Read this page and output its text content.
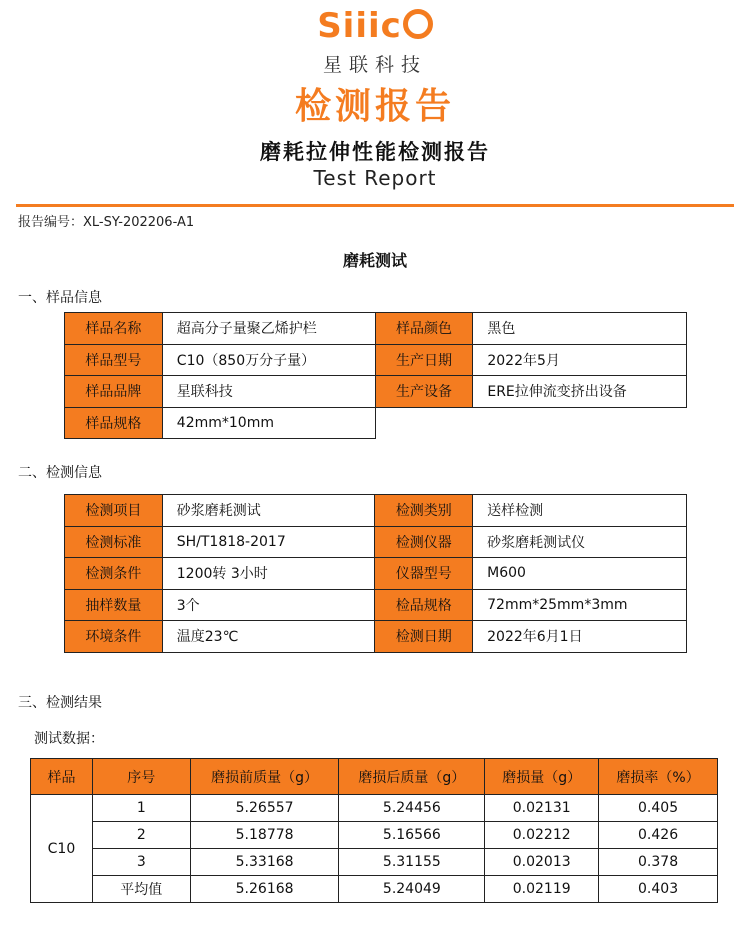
Siiic
星联科技
检测报告
磨耗拉伸性能检测报告
Test Report
报告编号：XL-SY-202206-A1
磨耗测试
一、样品信息
样品名称	超高分子量聚乙烯护栏	样品颜色	黑色
样品型号	C10（850万分子量）	生产日期	2022年5月
样品品牌	星联科技	生产设备	ERE拉伸流变挤出设备
样品规格	42mm*10mm		
二、检测信息
检测项目	砂浆磨耗测试	检测类别	送样检测
检测标准	SH/T1818-2017	检测仪器	砂浆磨耗测试仪
检测条件	1200转 3小时	仪器型号	M600
抽样数量	3个	检品规格	72mm*25mm*3mm
环境条件	温度23℃	检测日期	2022年6月1日
三、检测结果
测试数据：
样品	序号	磨损前质量（g）	磨损后质量（g）	磨损量（g）	磨损率（%）
C10	1	5.26557	5.24456	0.02131	0.405
	2	5.18778	5.16566	0.02212	0.426
	3	5.33168	5.31155	0.02013	0.378
	平均值	5.26168	5.24049	0.02119	0.403
